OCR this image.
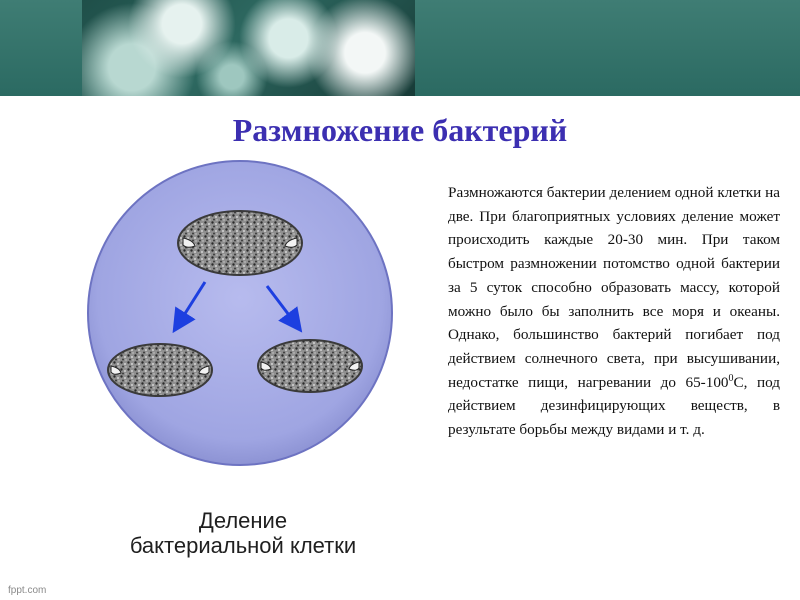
Размножение бактерий
Деление
бактериальной клетки

Размножаются бактерии делением одной клетки на две. При благоприятных условиях деление может происходить каждые 20-30 мин. При таком быстром размножении потомство одной бактерии за 5 суток способно образовать массу, которой можно было бы заполнить все моря и океаны. Однако, большинство бактерий погибает под действием солнечного света, при высушивании, недостатке пищи, нагревании до $65-100^0С$, под действием дезинфицирующих веществ, в результате борьбы между видами и т. д.

fppt.com
